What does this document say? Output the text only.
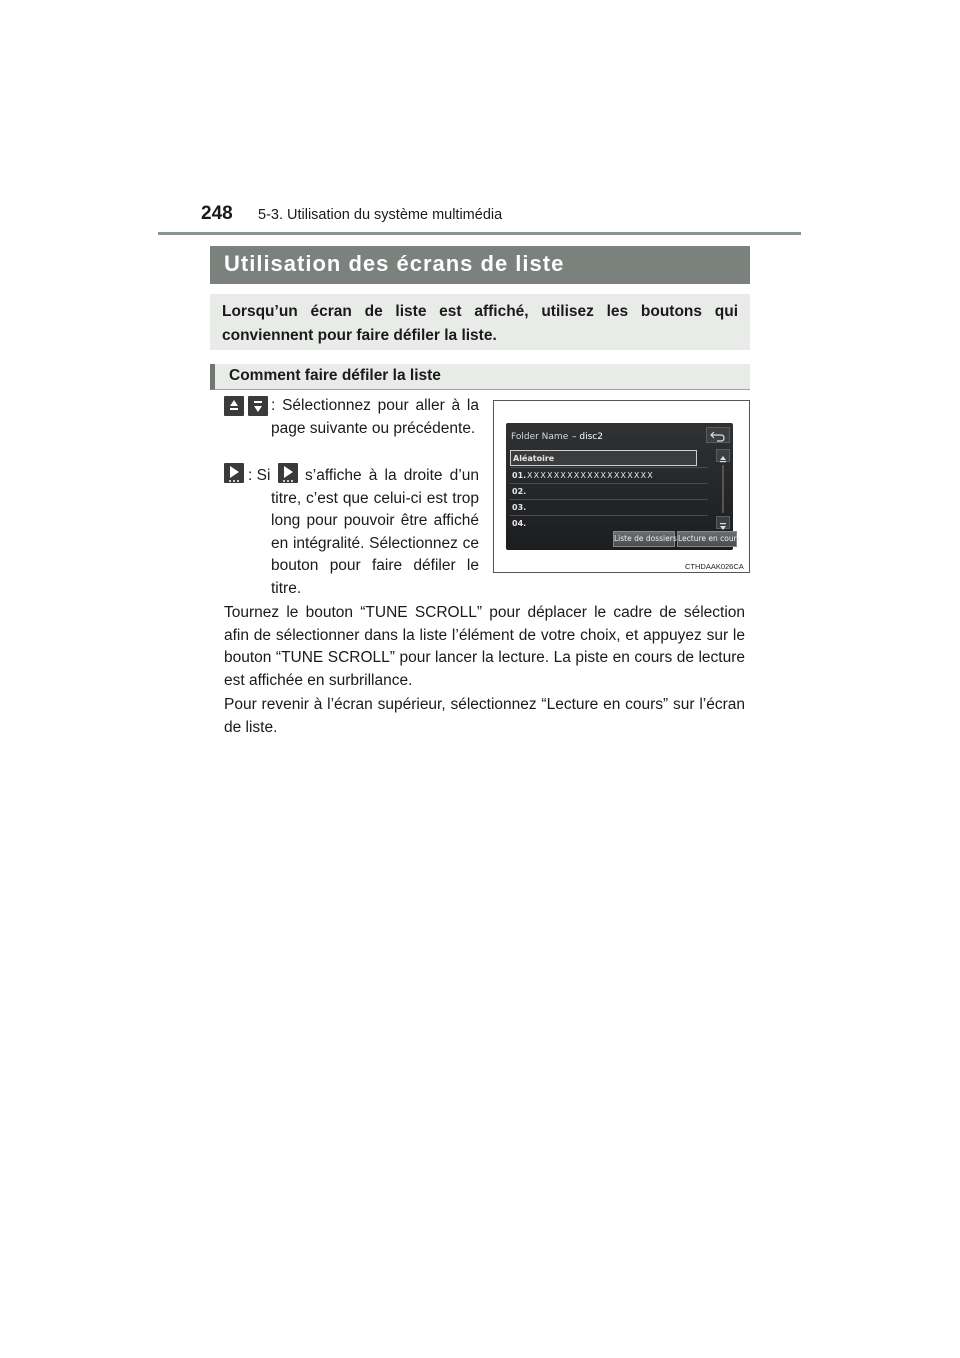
248 5-3. Utilisation du système multimédia
Utilisation des écrans de liste
Lorsqu’un écran de liste est affiché, utilisez les boutons qui conviennent pour faire défiler la liste.
Comment faire défiler la liste
: Sélectionnez pour aller à la page suivante ou précédente.
: Si	s’affiche à la droite d’un titre, c’est que celui-ci est trop long pour pouvoir être affiché en intégralité. Sélectionnez ce bouton pour faire défiler le titre.
Folder Name – disc2
Aléatoire
01. XXXXXXXXXXXXXXXXXXX
02.
03.
04.
Liste de dossiers Lecture en cours
CTHDAAK026CA
Tournez le bouton “TUNE SCROLL” pour déplacer le cadre de sélection afin de sélectionner dans la liste l’élément de votre choix, et appuyez sur le bouton “TUNE SCROLL” pour lancer la lecture. La piste en cours de lecture est affichée en surbrillance.
Pour revenir à l’écran supérieur, sélectionnez “Lecture en cours” sur l’écran de liste.
